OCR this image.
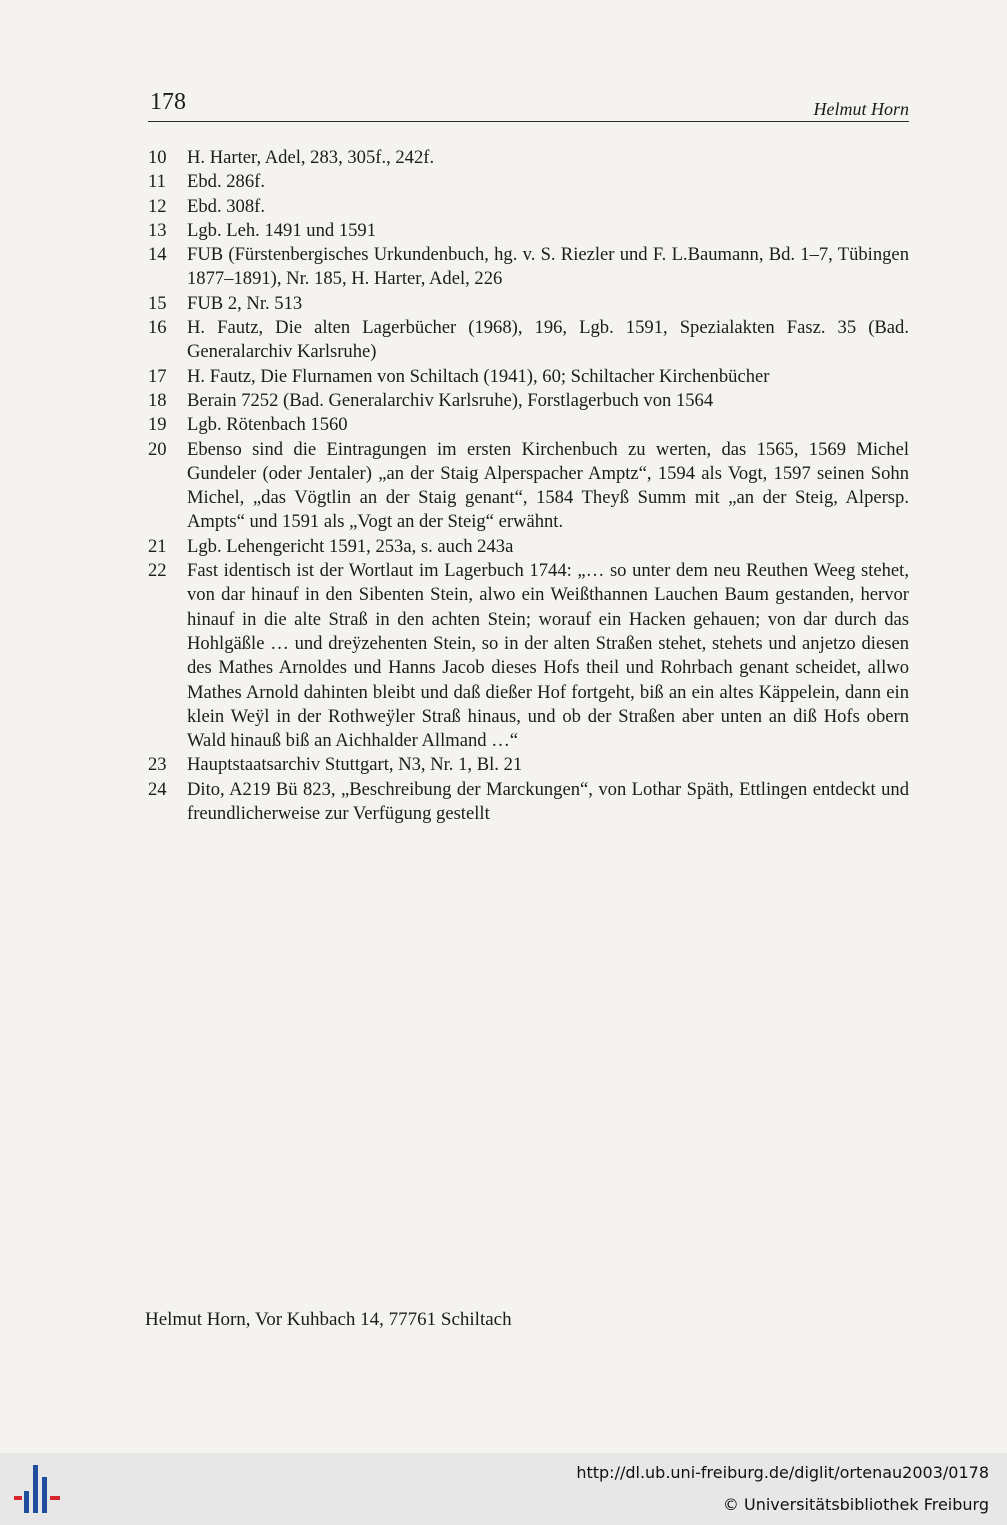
178	Helmut Horn
10	H. Harter, Adel, 283, 305f., 242f.
11	Ebd. 286f.
12	Ebd. 308f.
13	Lgb. Leh. 1491 und 1591
14	FUB (Fürstenbergisches Urkundenbuch, hg. v. S. Riezler und F. L.Baumann, Bd. 1–7, Tübingen 1877–1891), Nr. 185, H. Harter, Adel, 226
15	FUB 2, Nr. 513
16	H. Fautz, Die alten Lagerbücher (1968), 196, Lgb. 1591, Spezialakten Fasz. 35 (Bad. Generalarchiv Karlsruhe)
17	H. Fautz, Die Flurnamen von Schiltach (1941), 60; Schiltacher Kirchenbücher
18	Berain 7252 (Bad. Generalarchiv Karlsruhe), Forstlagerbuch von 1564
19	Lgb. Rötenbach 1560
20	Ebenso sind die Eintragungen im ersten Kirchenbuch zu werten, das 1565, 1569 Michel Gundeler (oder Jentaler) „an der Staig Alperspacher Amptz“, 1594 als Vogt, 1597 seinen Sohn Michel, „das Vögtlin an der Staig genant“, 1584 Theyß Summ mit „an der Steig, Alpersp. Ampts“ und 1591 als „Vogt an der Steig“ erwähnt.
21	Lgb. Lehengericht 1591, 253a, s. auch 243a
22	Fast identisch ist der Wortlaut im Lagerbuch 1744: „… so unter dem neu Reuthen Weeg stehet, von dar hinauf in den Sibenten Stein, alwo ein Weißthannen Lauchen Baum gestanden, hervor hinauf in die alte Straß in den achten Stein; worauf ein Hacken gehauen; von dar durch das Hohlgäßle … und dreÿzehenten Stein, so in der alten Straßen stehet, stehets und anjetzo diesen des Mathes Arnoldes und Hanns Jacob dieses Hofs theil und Rohrbach genant scheidet, allwo Mathes Arnold dahinten bleibt und daß dießer Hof fortgeht, biß an ein altes Käppelein, dann ein klein Weÿl in der Rothweÿler Straß hinaus, und ob der Straßen aber unten an diß Hofs obern Wald hinauß biß an Aichhalder Allmand …“
23	Hauptstaatsarchiv Stuttgart, N3, Nr. 1, Bl. 21
24	Dito, A219 Bü 823, „Beschreibung der Marckungen“, von Lothar Späth, Ettlingen entdeckt und freundlicherweise zur Verfügung gestellt
Helmut Horn, Vor Kuhbach 14, 77761 Schiltach
http://dl.ub.uni-freiburg.de/diglit/ortenau2003/0178
© Universitätsbibliothek Freiburg
